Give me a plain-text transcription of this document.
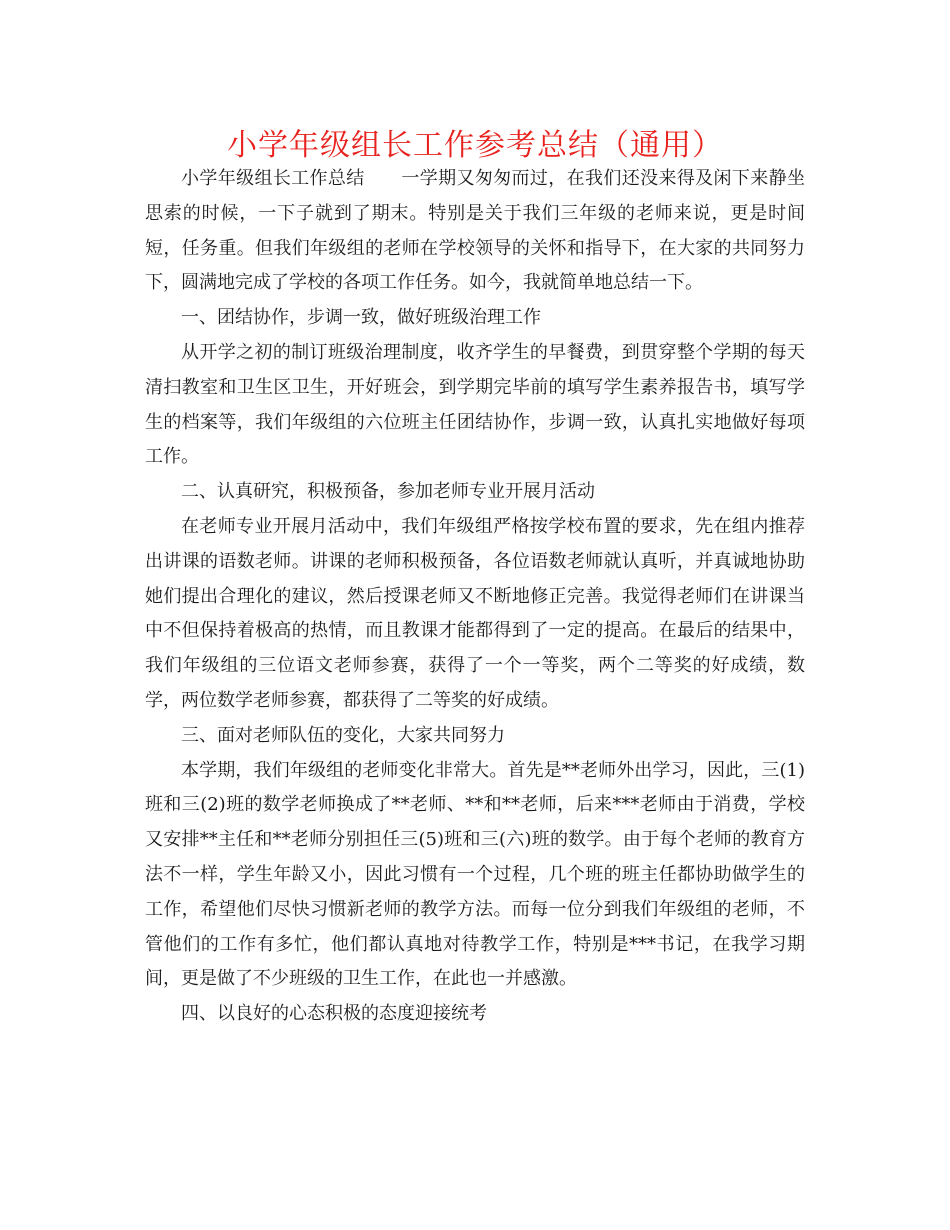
小学年级组长工作参考总结（通用）

小学年级组长工作总结　　一学期又匆匆而过，在我们还没来得及闲下来静坐思索的时候，一下子就到了期末。特别是关于我们三年级的老师来说，更是时间短，任务重。但我们年级组的老师在学校领导的关怀和指导下，在大家的共同努力下，圆满地完成了学校的各项工作任务。如今，我就简单地总结一下。

一、团结协作，步调一致，做好班级治理工作

从开学之初的制订班级治理制度，收齐学生的早餐费，到贯穿整个学期的每天清扫教室和卫生区卫生，开好班会，到学期完毕前的填写学生素养报告书，填写学生的档案等，我们年级组的六位班主任团结协作，步调一致，认真扎实地做好每项工作。

二、认真研究，积极预备，参加老师专业开展月活动

在老师专业开展月活动中，我们年级组严格按学校布置的要求，先在组内推荐出讲课的语数老师。讲课的老师积极预备，各位语数老师就认真听，并真诚地协助她们提出合理化的建议，然后授课老师又不断地修正完善。我觉得老师们在讲课当中不但保持着极高的热情，而且教课才能都得到了一定的提高。在最后的结果中，我们年级组的三位语文老师参赛，获得了一个一等奖，两个二等奖的好成绩，数学，两位数学老师参赛，都获得了二等奖的好成绩。

三、面对老师队伍的变化，大家共同努力

本学期，我们年级组的老师变化非常大。首先是**老师外出学习，因此，三(1)班和三(2)班的数学老师换成了**老师、**和**老师，后来***老师由于消费，学校又安排**主任和**老师分别担任三(5)班和三(六)班的数学。由于每个老师的教育方法不一样，学生年龄又小，因此习惯有一个过程，几个班的班主任都协助做学生的工作，希望他们尽快习惯新老师的教学方法。而每一位分到我们年级组的老师，不管他们的工作有多忙，他们都认真地对待教学工作，特别是***书记，在我学习期间，更是做了不少班级的卫生工作，在此也一并感激。

四、以良好的心态积极的态度迎接统考
